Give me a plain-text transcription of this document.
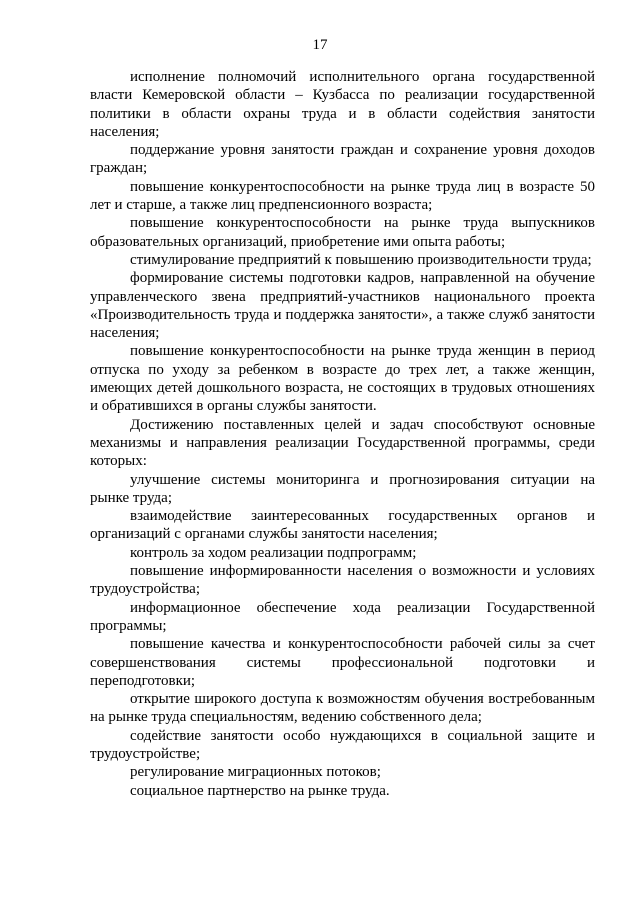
17

исполнение полномочий исполнительного органа государственной власти Кемеровской области – Кузбасса по реализации государственной политики в области охраны труда и в области содействия занятости населения;

поддержание уровня занятости граждан и сохранение уровня доходов граждан;

повышение конкурентоспособности на рынке труда лиц в возрасте 50 лет и старше, а также лиц предпенсионного возраста;

повышение конкурентоспособности на рынке труда выпускников образовательных организаций, приобретение ими опыта работы;

стимулирование предприятий к повышению производительности труда;

формирование системы подготовки кадров, направленной на обучение управленческого звена предприятий-участников национального проекта «Производительность труда и поддержка занятости», а также служб занятости населения;

повышение конкурентоспособности на рынке труда женщин в период отпуска по уходу за ребенком в возрасте до трех лет, а также женщин, имеющих детей дошкольного возраста, не состоящих в трудовых отношениях и обратившихся в органы службы занятости.

Достижению поставленных целей и задач способствуют основные механизмы и направления реализации Государственной программы, среди которых:

улучшение системы мониторинга и прогнозирования ситуации на рынке труда;

взаимодействие заинтересованных государственных органов и организаций с органами службы занятости населения;

контроль за ходом реализации подпрограмм;

повышение информированности населения о возможности и условиях трудоустройства;

информационное обеспечение хода реализации Государственной программы;

повышение качества и конкурентоспособности рабочей силы за счет совершенствования системы профессиональной подготовки и переподготовки;

открытие широкого доступа к возможностям обучения востребованным на рынке труда специальностям, ведению собственного дела;

содействие занятости особо нуждающихся в социальной защите и трудоустройстве;

регулирование миграционных потоков;

социальное партнерство на рынке труда.
